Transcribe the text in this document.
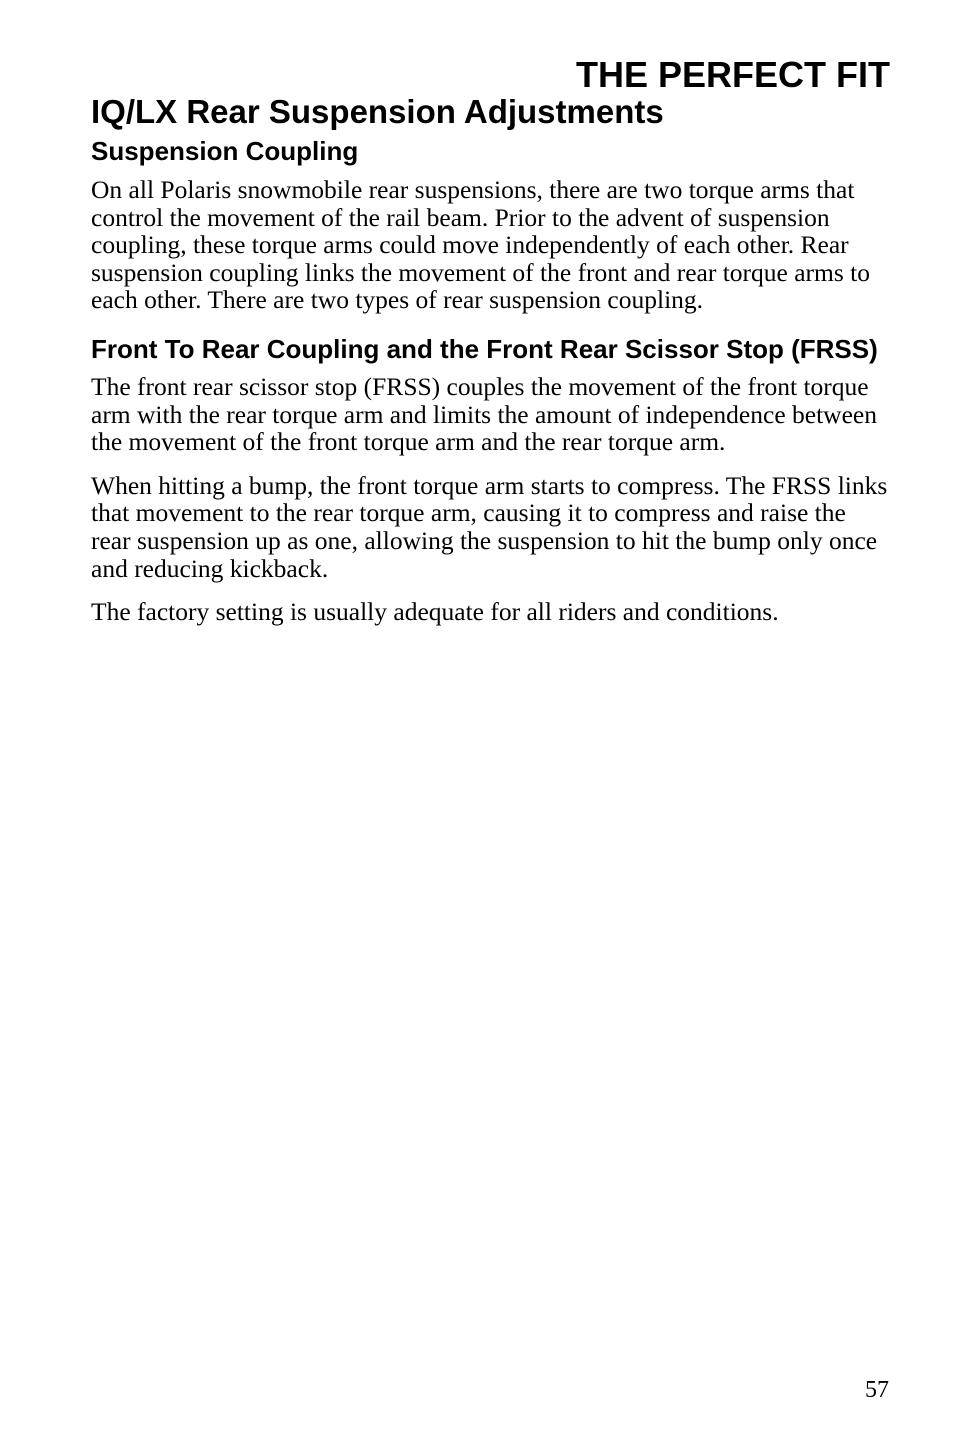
THE PERFECT FIT
IQ/LX Rear Suspension Adjustments
Suspension Coupling

On all Polaris snowmobile rear suspensions, there are two torque arms that control the movement of the rail beam. Prior to the advent of suspension coupling, these torque arms could move independently of each other. Rear suspension coupling links the movement of the front and rear torque arms to each other. There are two types of rear suspension coupling.

Front To Rear Coupling and the Front Rear Scissor Stop (FRSS)

The front rear scissor stop (FRSS) couples the movement of the front torque arm with the rear torque arm and limits the amount of independence between the movement of the front torque arm and the rear torque arm.

When hitting a bump, the front torque arm starts to compress. The FRSS links that movement to the rear torque arm, causing it to compress and raise the rear suspension up as one, allowing the suspension to hit the bump only once and reducing kickback.

The factory setting is usually adequate for all riders and conditions.

57
